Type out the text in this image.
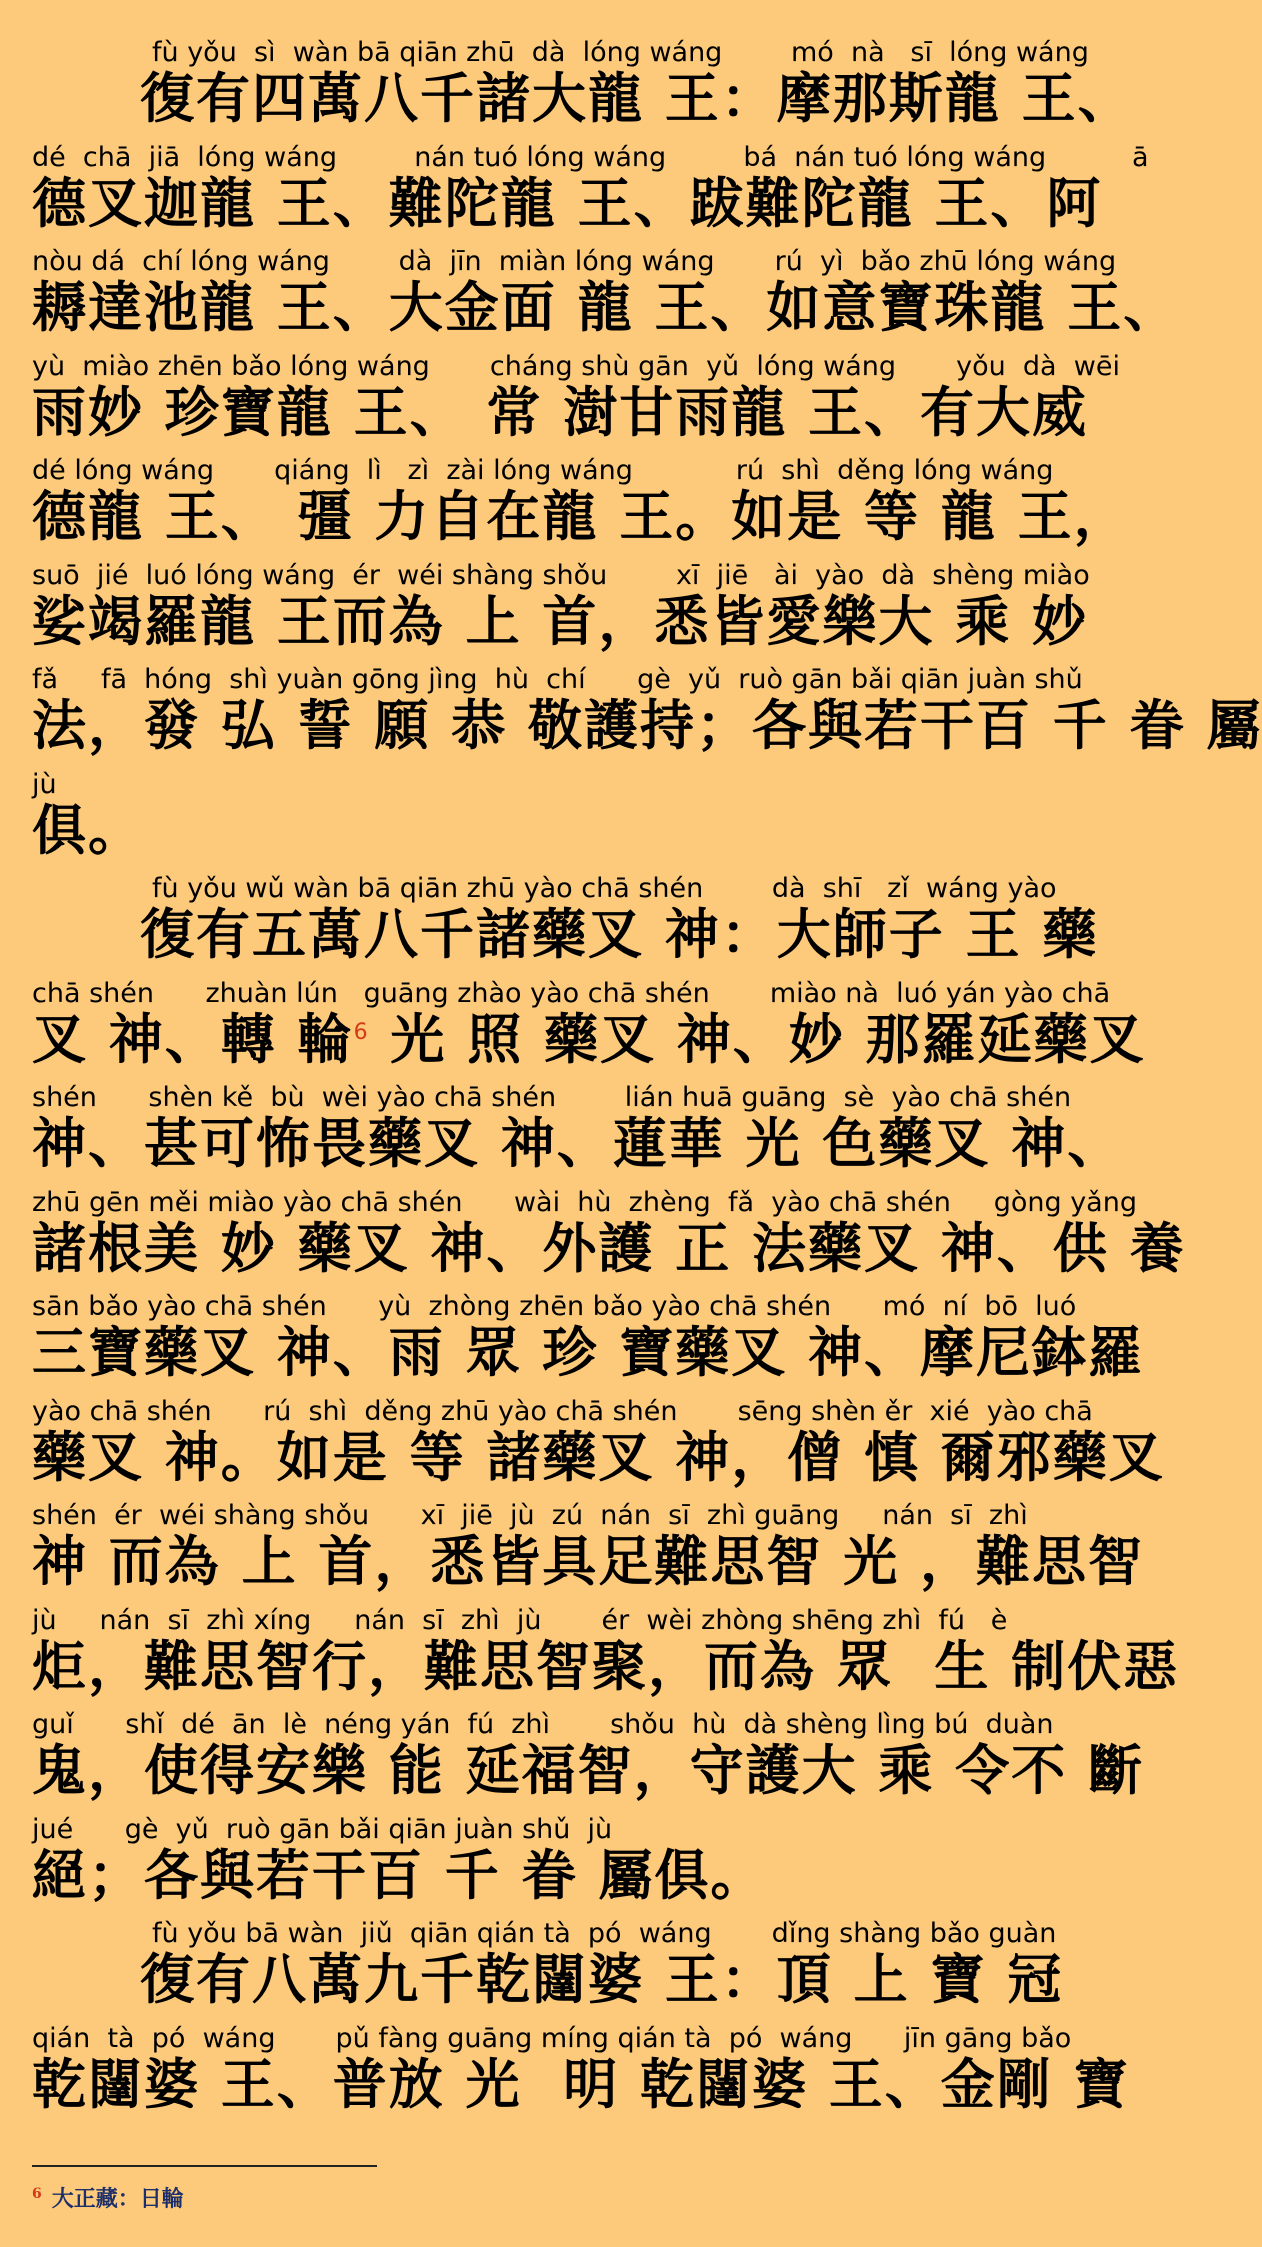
fù yǒu  sì  wàn bā qiān zhū  dà  lóng wáng        mó  nà   sī  lóng wáng
復有四萬八千諸大龍 王：摩那斯龍 王、
dé  chā  jiā  lóng wáng         nán tuó lóng wáng         bá  nán tuó lóng wáng          ā
德叉迦龍 王、難陀龍 王、跋難陀龍 王、阿
nòu dá  chí lóng wáng        dà  jīn  miàn lóng wáng       rú  yì  bǎo zhū lóng wáng
耨達池龍 王、大金面 龍 王、如意寶珠龍 王、
yù  miào zhēn bǎo lóng wáng       cháng shù gān  yǔ  lóng wáng       yǒu  dà  wēi
雨妙 珍寶龍 王、 常 澍甘雨龍 王、有大威
dé lóng wáng       qiáng  lì   zì  zài lóng wáng            rú  shì  děng lóng wáng
德龍 王、 彊 力自在龍 王。如是 等 龍 王，
suō  jié  luó lóng wáng  ér  wéi shàng shǒu        xī  jiē   ài  yào  dà  shèng miào
娑竭羅龍 王而為 上 首，悉皆愛樂大 乘 妙
fǎ     fā  hóng  shì yuàn gōng jìng  hù  chí      gè  yǔ  ruò gān bǎi qiān juàn shǔ
法，發 弘 誓 願 恭 敬護持；各與若干百 千 眷 屬
jù
俱。
fù yǒu wǔ wàn bā qiān zhū yào chā shén        dà  shī   zǐ  wáng yào
復有五萬八千諸藥叉 神：大師子 王 藥
chā shén      zhuàn lún   guāng zhào yào chā shén       miào nà  luó yán yào chā
叉 神、轉 輪$^6$ 光 照 藥叉 神、妙 那羅延藥叉
shén      shèn kě  bù  wèi yào chā shén        lián huā guāng  sè  yào chā shén
神、甚可怖畏藥叉 神、蓮華 光 色藥叉 神、
zhū gēn měi miào yào chā shén      wài  hù  zhèng  fǎ  yào chā shén     gòng yǎng
諸根美 妙 藥叉 神、外護 正 法藥叉 神、供 養
sān bǎo yào chā shén      yù  zhòng zhēn bǎo yào chā shén      mó  ní  bō  luó
三寶藥叉 神、雨 眾 珍 寶藥叉 神、摩尼鉢羅
yào chā shén      rú  shì  děng zhū yào chā shén       sēng shèn ěr  xié  yào chā
藥叉 神。如是 等 諸藥叉 神，僧 慎 爾邪藥叉
shén  ér  wéi shàng shǒu      xī  jiē  jù  zú  nán  sī  zhì guāng     nán  sī  zhì
神 而為 上 首，悉皆具足難思智 光 ，難思智
jù     nán  sī  zhì xíng     nán  sī  zhì  jù       ér  wèi zhòng shēng zhì  fú   è
炬，難思智行，難思智聚，而為 眾  生 制伏惡
guǐ      shǐ  dé  ān  lè  néng yán  fú  zhì       shǒu  hù  dà shèng lìng bú  duàn
鬼，使得安樂 能 延福智，守護大 乘 令不 斷
jué      gè  yǔ  ruò gān bǎi qiān juàn shǔ  jù
絕；各與若干百 千 眷 屬俱。
fù yǒu bā wàn  jiǔ  qiān qián tà  pó  wáng       dǐng shàng bǎo guàn
復有八萬九千乾闥婆 王：頂 上 寶 冠
qián  tà  pó  wáng       pǔ fàng guāng míng qián tà  pó  wáng      jīn gāng bǎo
乾闥婆 王、普放 光  明 乾闥婆 王、金剛 寶
$^6$ 大正藏：日輪
